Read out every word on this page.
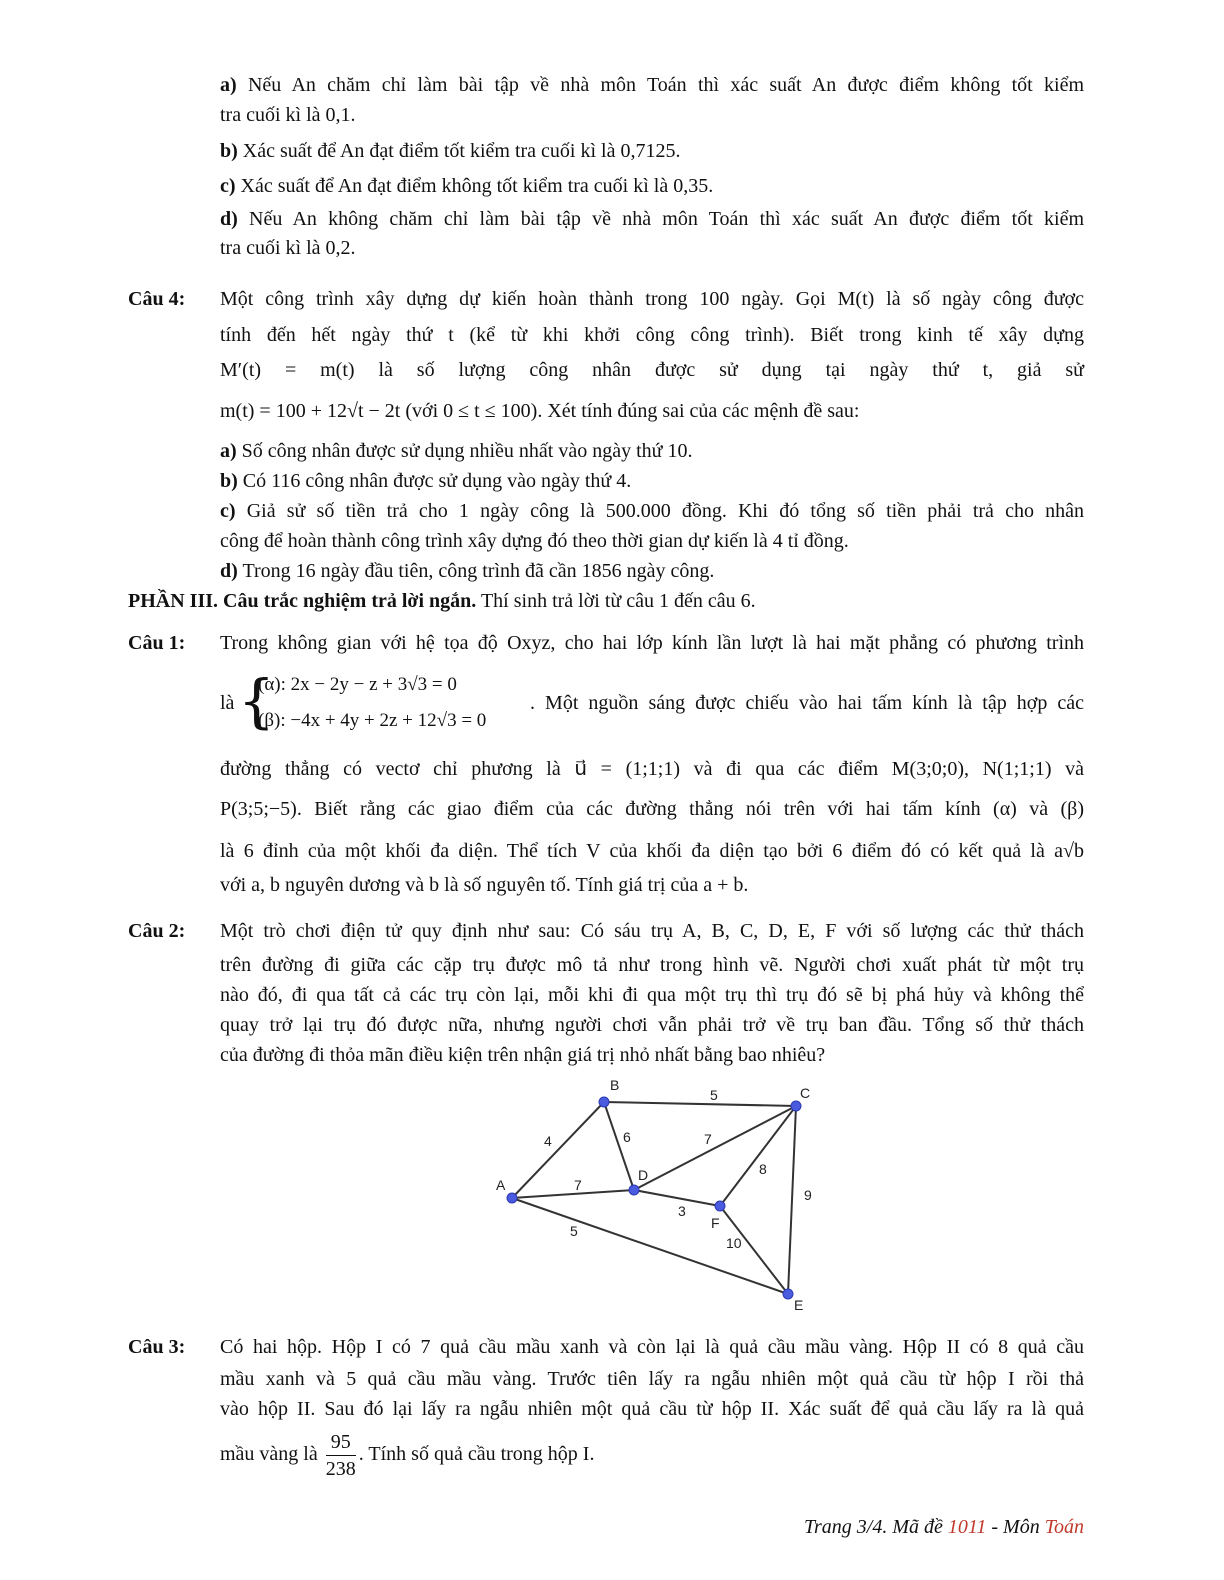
a) Nếu An chăm chỉ làm bài tập về nhà môn Toán thì xác suất An được điểm không tốt kiểm
tra cuối kì là 0,1.
b) Xác suất để An đạt điểm tốt kiểm tra cuối kì là 0,7125.
c) Xác suất để An đạt điểm không tốt kiểm tra cuối kì là 0,35.
d) Nếu An không chăm chỉ làm bài tập về nhà môn Toán thì xác suất An được điểm tốt kiểm
tra cuối kì là 0,2.
Câu 4: Một công trình xây dựng dự kiến hoàn thành trong 100 ngày. Gọi M(t) là số ngày công được
tính đến hết ngày thứ t (kể từ khi khởi công công trình). Biết trong kinh tế xây dựng
M′(t) = m(t) là số lượng công nhân được sử dụng tại ngày thứ t, giả sử
m(t) = 100 + 12√t − 2t (với 0 ≤ t ≤ 100). Xét tính đúng sai của các mệnh đề sau:
a) Số công nhân được sử dụng nhiều nhất vào ngày thứ 10.
b) Có 116 công nhân được sử dụng vào ngày thứ 4.
c) Giả sử số tiền trả cho 1 ngày công là 500.000 đồng. Khi đó tổng số tiền phải trả cho nhân
công để hoàn thành công trình xây dựng đó theo thời gian dự kiến là 4 tỉ đồng.
d) Trong 16 ngày đầu tiên, công trình đã cần 1856 ngày công.
PHẦN III. Câu trắc nghiệm trả lời ngắn. Thí sinh trả lời từ câu 1 đến câu 6.
Câu 1: Trong không gian với hệ tọa độ Oxyz, cho hai lớp kính lần lượt là hai mặt phẳng có phương trình
là {
(α): 2x − 2y − z + 3√3 = 0
(β): −4x + 4y + 2z + 12√3 = 0
. Một nguồn sáng được chiếu vào hai tấm kính là tập hợp các
đường thẳng có vectơ chỉ phương là u⃗ = (1;1;1) và đi qua các điểm M(3;0;0), N(1;1;1) và
P(3;5;−5). Biết rằng các giao điểm của các đường thẳng nói trên với hai tấm kính (α) và (β)
là 6 đỉnh của một khối đa diện. Thể tích V của khối đa diện tạo bởi 6 điểm đó có kết quả là a√b
với a, b nguyên dương và b là số nguyên tố. Tính giá trị của a + b.
Câu 2: Một trò chơi điện tử quy định như sau: Có sáu trụ A, B, C, D, E, F với số lượng các thử thách
trên đường đi giữa các cặp trụ được mô tả như trong hình vẽ. Người chơi xuất phát từ một trụ
nào đó, đi qua tất cả các trụ còn lại, mỗi khi đi qua một trụ thì trụ đó sẽ bị phá hủy và không thể
quay trở lại trụ đó được nữa, nhưng người chơi vẫn phải trở về trụ ban đầu. Tổng số thử thách
của đường đi thỏa mãn điều kiện trên nhận giá trị nhỏ nhất bằng bao nhiêu?
4
5
6
7
7
8
9
3
10
5
A
B	C
D
E
F
Câu 3: Có hai hộp. Hộp I có 7 quả cầu mầu xanh và còn lại là quả cầu mầu vàng. Hộp II có 8 quả cầu
mầu xanh và 5 quả cầu mầu vàng. Trước tiên lấy ra ngẫu nhiên một quả cầu từ hộp I rồi thả
vào hộp II. Sau đó lại lấy ra ngẫu nhiên một quả cầu từ hộp II. Xác suất để quả cầu lấy ra là quả
mầu vàng là $\frac{95}{238}$ . Tính số quả cầu trong hộp I.
Trang 3/4. Mã đề 1011 - Môn Toán
